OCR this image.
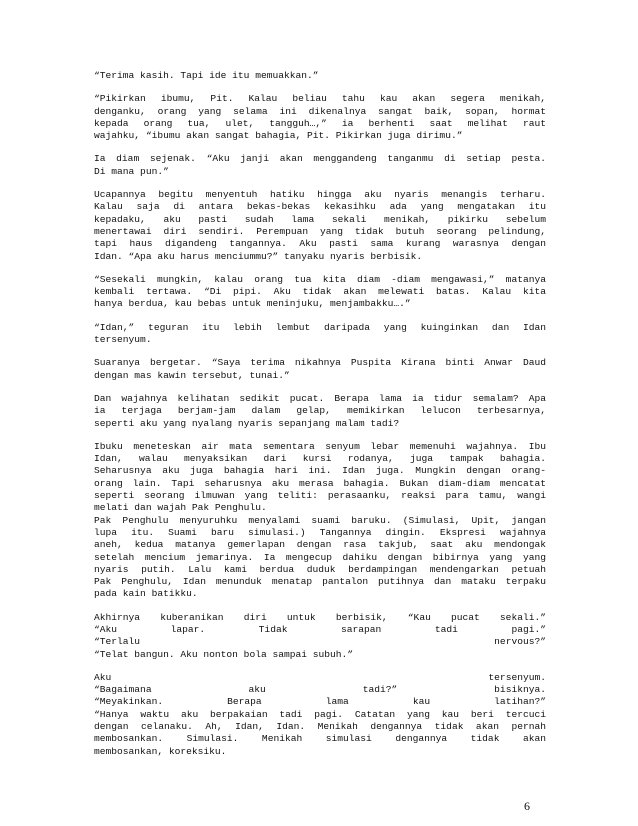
“Terima kasih. Tapi ide itu memuakkan.”
“Pikirkan ibumu, Pit. Kalau beliau tahu kau akan segera menikah,
denganku, orang yang selama ini dikenalnya sangat baik, sopan, hormat
kepada orang tua, ulet, tangguh…,” ia berhenti saat melihat raut
wajahku, “ibumu akan sangat bahagia, Pit. Pikirkan juga dirimu.”
Ia diam sejenak. “Aku janji akan menggandeng tanganmu di setiap pesta.
Di mana pun.”
Ucapannya begitu menyentuh hatiku hingga aku nyaris menangis terharu.
Kalau saja di antara bekas-bekas kekasihku ada yang mengatakan itu
kepadaku, aku pasti sudah lama sekali menikah, pikirku sebelum
menertawai diri sendiri. Perempuan yang tidak butuh seorang pelindung,
tapi haus digandeng tangannya. Aku pasti sama kurang warasnya dengan
Idan. “Apa aku harus menciummu?” tanyaku nyaris berbisik.
“Sesekali mungkin, kalau orang tua kita diam -diam mengawasi,” matanya
kembali tertawa. “Di pipi. Aku tidak akan melewati batas. Kalau kita
hanya berdua, kau bebas untuk meninjuku, menjambakku….”
“Idan,” teguran itu lebih lembut daripada yang kuinginkan dan Idan
tersenyum.
Suaranya bergetar. “Saya terima nikahnya Puspita Kirana binti Anwar Daud
dengan mas kawin tersebut, tunai.”
Dan wajahnya kelihatan sedikit pucat. Berapa lama ia tidur semalam? Apa
ia terjaga berjam-jam dalam gelap, memikirkan lelucon terbesarnya,
seperti aku yang nyalang nyaris sepanjang malam tadi?
Ibuku meneteskan air mata sementara senyum lebar memenuhi wajahnya. Ibu
Idan, walau menyaksikan dari kursi rodanya, juga tampak bahagia.
Seharusnya aku juga bahagia hari ini. Idan juga. Mungkin dengan orang-
orang lain. Tapi seharusnya aku merasa bahagia. Bukan diam-diam mencatat
seperti seorang ilmuwan yang teliti: perasaanku, reaksi para tamu, wangi
melati dan wajah Pak Penghulu.
Pak Penghulu menyuruhku menyalami suami baruku. (Simulasi, Upit, jangan
lupa itu. Suami baru simulasi.) Tangannya dingin. Ekspresi wajahnya
aneh, kedua matanya gemerlapan dengan rasa takjub, saat aku mendongak
setelah mencium jemarinya. Ia mengecup dahiku dengan bibirnya yang yang
nyaris putih. Lalu kami berdua duduk berdampingan mendengarkan petuah
Pak Penghulu, Idan menunduk menatap pantalon putihnya dan mataku terpaku
pada kain batikku.
Akhirnya kuberanikan diri untuk berbisik, “Kau pucat sekali.”
“Aku lapar. Tidak sarapan tadi pagi.”
“Terlalu nervous?”
“Telat bangun. Aku nonton bola sampai subuh.”
Aku tersenyum.
“Bagaimana aku tadi?” bisiknya.
“Meyakinkan. Berapa lama kau latihan?”
“Hanya waktu aku berpakaian tadi pagi. Catatan yang kau beri tercuci
dengan celanaku. Ah, Idan, Idan. Menikah dengannya tidak akan pernah
membosankan. Simulasi. Menikah simulasi dengannya tidak akan
membosankan, koreksiku.
6
